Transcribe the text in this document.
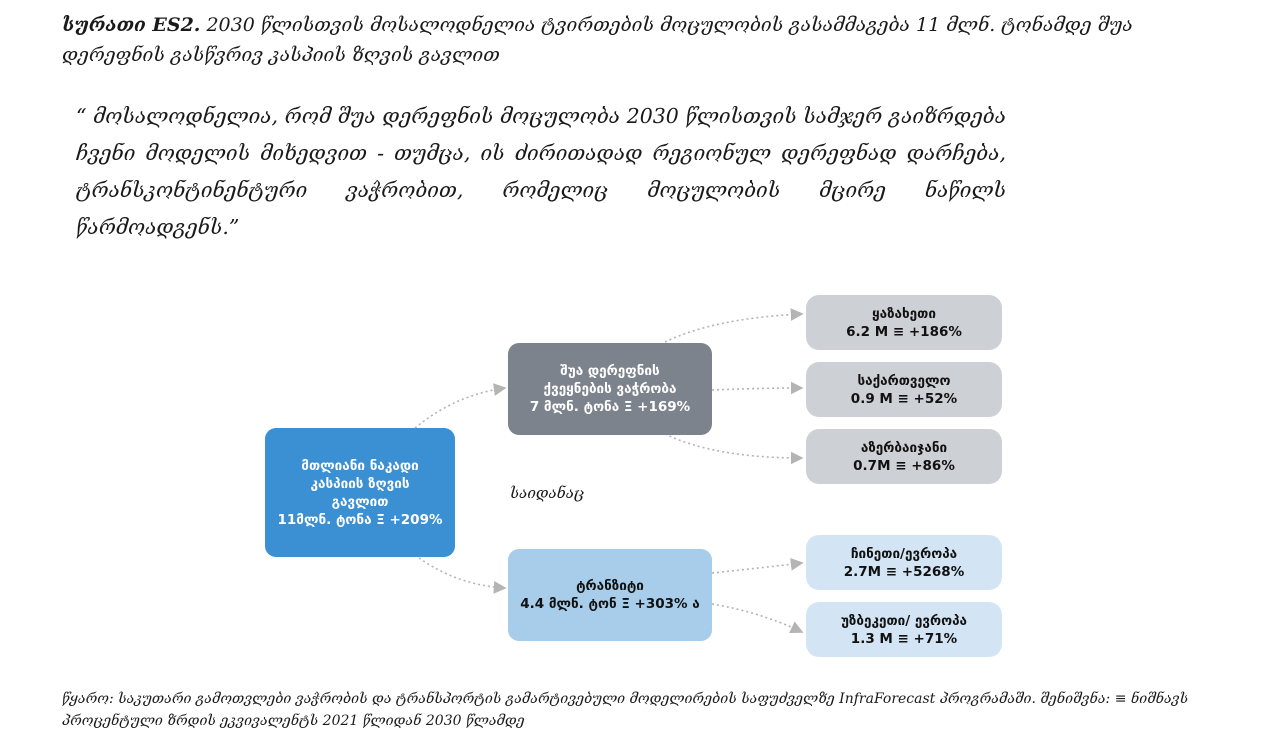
სურათი ES2. 2030 წლისთვის მოსალოდნელია ტვირთების მოცულობის გასამმაგება 11 მლნ. ტონამდე შუა დერეფნის გასწვრივ კასპიის ზღვის გავლით
“ მოსალოდნელია, რომ შუა დერეფნის მოცულობა 2030 წლისთვის სამჯერ გაიზრდება ჩვენი მოდელის მიხედვით - თუმცა, ის ძირითადად რეგიონულ დერეფნად დარჩება, ტრანსკონტინენტური ვაჭრობით, რომელიც მოცულობის მცირე ნაწილს წარმოადგენს.”
მთლიანი ნაკადი
კასპიის ზღვის
გავლით
11მლნ. ტონა Ξ +209%
შუა დერეფნის
ქვეყნების ვაჭრობა
7 მლნ. ტონა Ξ +169%
საიდანაც
ტრანზიტი
4.4 მლნ. ტონ Ξ +303% ა
ყაზახეთი
6.2 M ≡ +186%
საქართველო
0.9 M ≡ +52%
აზერბაიჯანი
0.7M ≡ +86%
ჩინეთი/ევროპა
2.7M ≡ +5268%
უზბეკეთი/ ევროპა
1.3 M ≡ +71%
წყარო: საკუთარი გამოთვლები ვაჭრობის და ტრანსპორტის გამარტივებული მოდელირების საფუძველზე InfraForecast პროგრამაში. შენიშვნა: ≡ ნიშნავს პროცენტული ზრდის ეკვივალენტს 2021 წლიდან 2030 წლამდე
